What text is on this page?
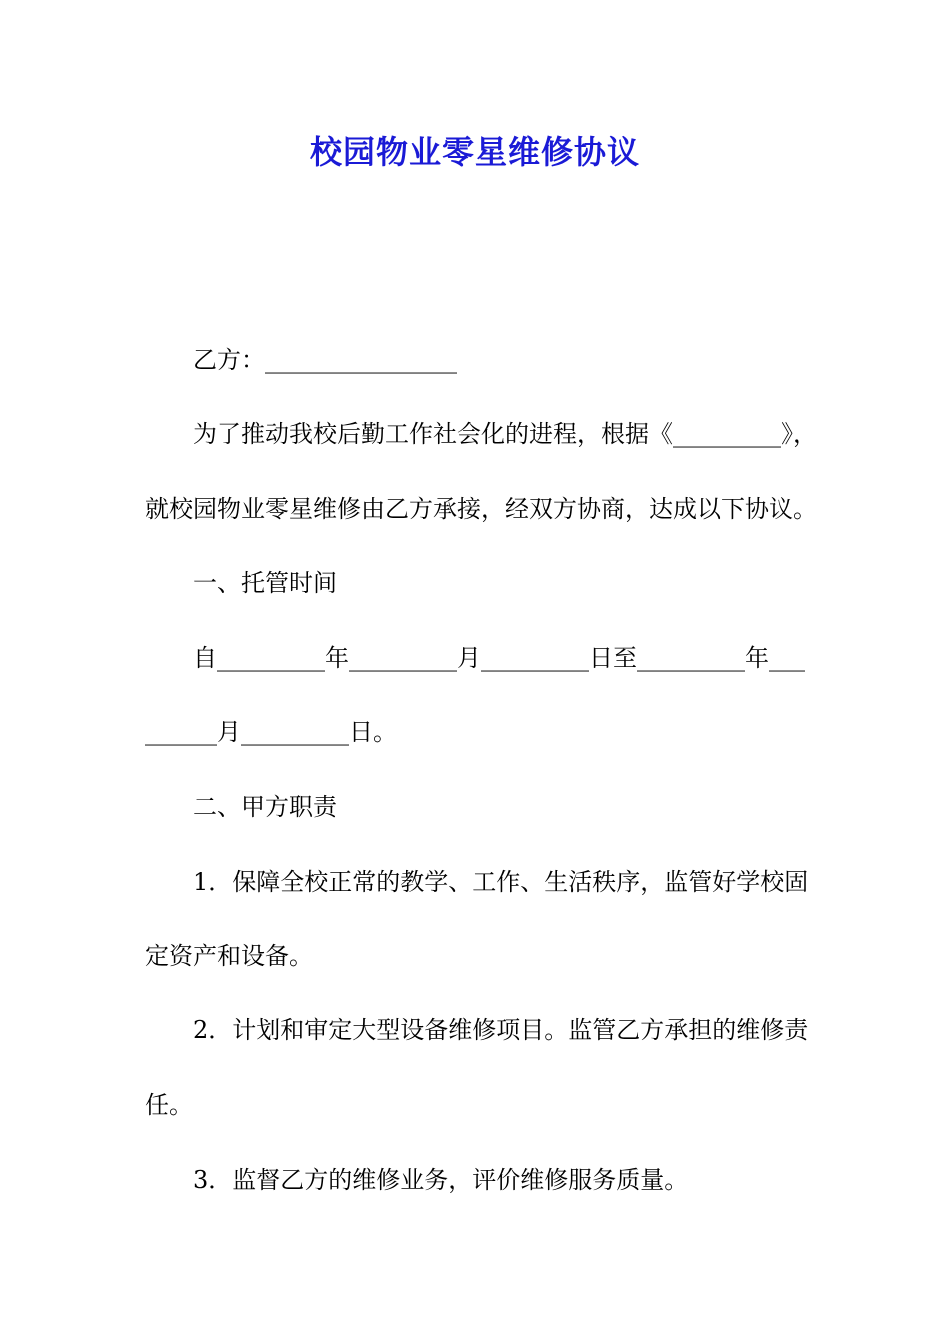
校园物业零星维修协议
乙方：________________
为了推动我校后勤工作社会化的进程，根据《_________》，
就校园物业零星维修由乙方承接，经双方协商，达成以下协议。
一、托管时间
自_________年_________月_________日至_________年___
______月_________日。
二、甲方职责
1．保障全校正常的教学、工作、生活秩序，监管好学校固
定资产和设备。
2．计划和审定大型设备维修项目。监管乙方承担的维修责
任。
3．监督乙方的维修业务，评价维修服务质量。
